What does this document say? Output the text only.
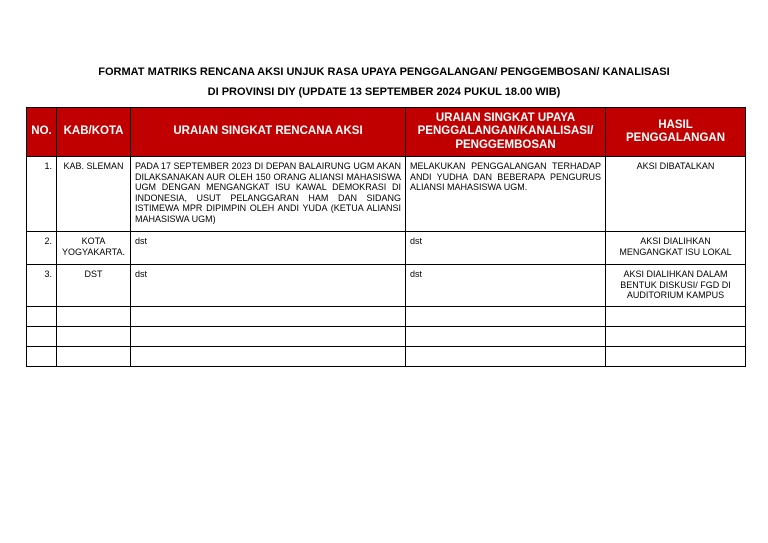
FORMAT MATRIKS RENCANA AKSI UNJUK RASA UPAYA PENGGALANGAN/ PENGGEMBOSAN/ KANALISASI
DI PROVINSI DIY (UPDATE 13 SEPTEMBER 2024 PUKUL 18.00 WIB)
NO.	KAB/KOTA	URAIAN SINGKAT RENCANA AKSI	URAIAN SINGKAT UPAYA PENGGALANGAN/KANALISASI/ PENGGEMBOSAN	HASIL PENGGALANGAN
1.	KAB. SLEMAN	PADA 17 SEPTEMBER 2023 DI DEPAN BALAIRUNG UGM AKAN DILAKSANAKAN AUR OLEH 150 ORANG ALIANSI MAHASISWA UGM DENGAN MENGANGKAT ISU KAWAL DEMOKRASI DI INDONESIA, USUT PELANGGARAN HAM DAN SIDANG ISTIMEWA MPR DIPIMPIN OLEH ANDI YUDA (KETUA ALIANSI MAHASISWA UGM)	MELAKUKAN PENGGALANGAN TERHADAP ANDI YUDHA DAN BEBERAPA PENGURUS ALIANSI MAHASISWA UGM.	AKSI DIBATALKAN
2.	KOTA YOGYAKARTA.	dst	dst	AKSI DIALIHKAN MENGANGKAT ISU LOKAL
3.	DST	dst	dst	AKSI DIALIHKAN DALAM BENTUK DISKUSI/ FGD DI AUDITORIUM KAMPUS
